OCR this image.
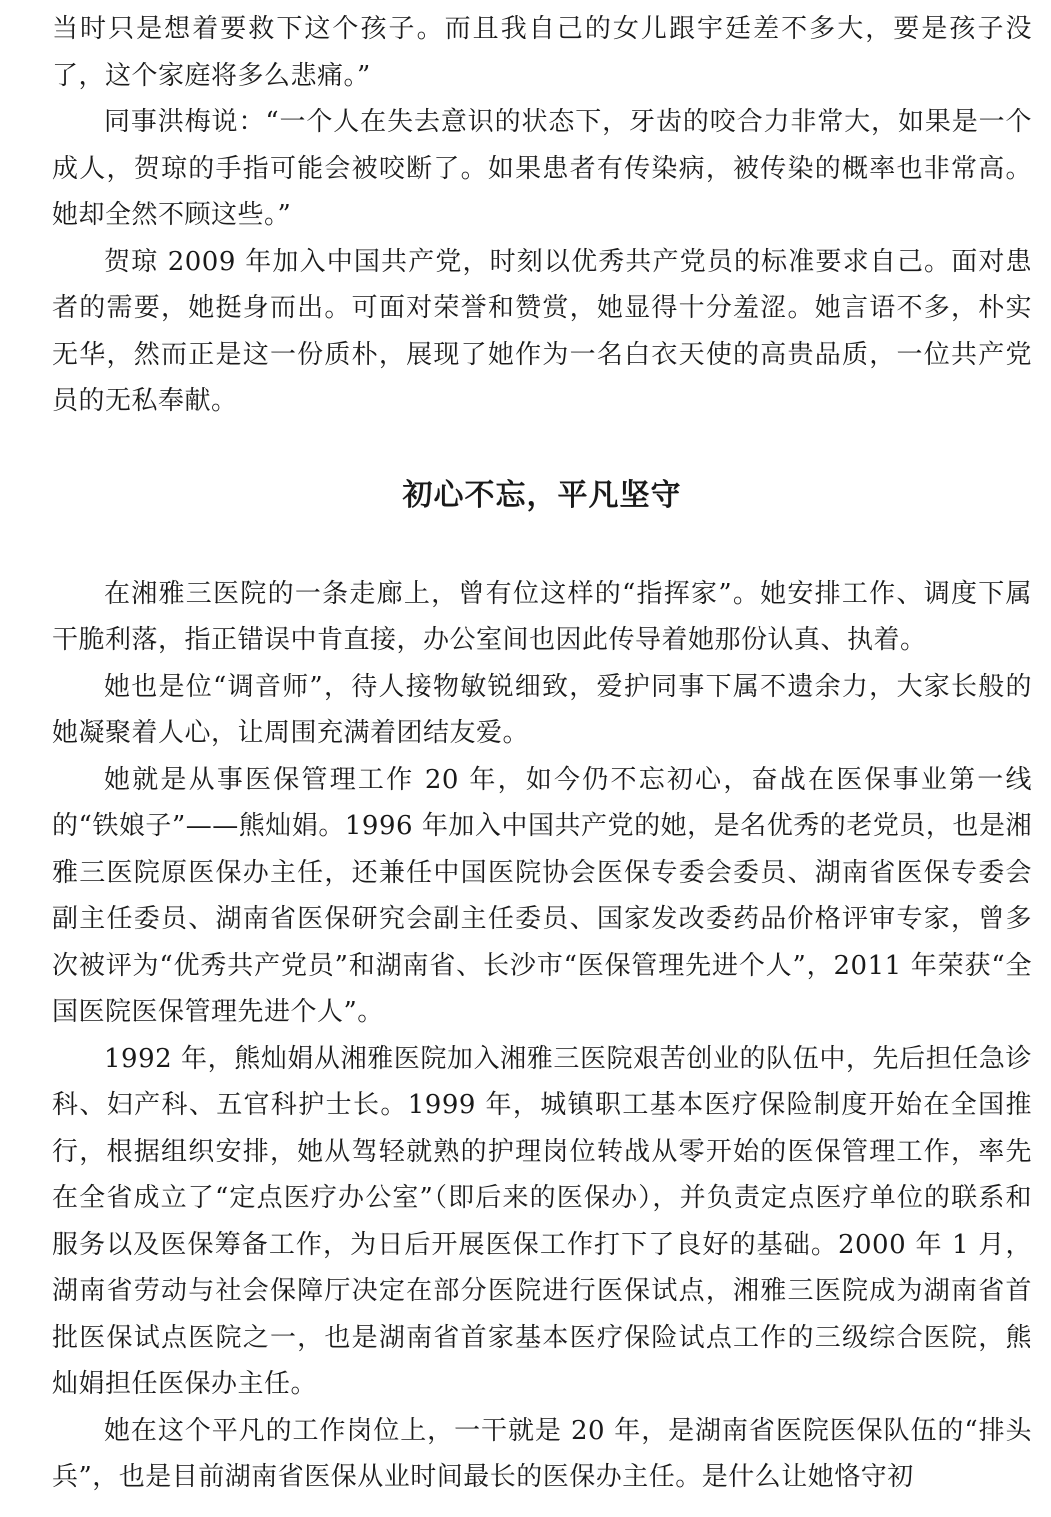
当时只是想着要救下这个孩子。而且我自己的女儿跟宇廷差不多大，要是孩子没了，这个家庭将多么悲痛。”

同事洪梅说：“一个人在失去意识的状态下，牙齿的咬合力非常大，如果是一个成人，贺琼的手指可能会被咬断了。如果患者有传染病，被传染的概率也非常高。她却全然不顾这些。”

贺琼 2009 年加入中国共产党，时刻以优秀共产党员的标准要求自己。面对患者的需要，她挺身而出。可面对荣誉和赞赏，她显得十分羞涩。她言语不多，朴实无华，然而正是这一份质朴，展现了她作为一名白衣天使的高贵品质，一位共产党员的无私奉献。

初心不忘，平凡坚守

在湘雅三医院的一条走廊上，曾有位这样的“指挥家”。她安排工作、调度下属干脆利落，指正错误中肯直接，办公室间也因此传导着她那份认真、执着。

她也是位“调音师”，待人接物敏锐细致，爱护同事下属不遗余力，大家长般的她凝聚着人心，让周围充满着团结友爱。

她就是从事医保管理工作 20 年，如今仍不忘初心，奋战在医保事业第一线的“铁娘子”——熊灿娟。1996 年加入中国共产党的她，是名优秀的老党员，也是湘雅三医院原医保办主任，还兼任中国医院协会医保专委会委员、湖南省医保专委会副主任委员、湖南省医保研究会副主任委员、国家发改委药品价格评审专家，曾多次被评为“优秀共产党员”和湖南省、长沙市“医保管理先进个人”，2011 年荣获“全国医院医保管理先进个人”。

1992 年，熊灿娟从湘雅医院加入湘雅三医院艰苦创业的队伍中，先后担任急诊科、妇产科、五官科护士长。1999 年，城镇职工基本医疗保险制度开始在全国推行，根据组织安排，她从驾轻就熟的护理岗位转战从零开始的医保管理工作，率先在全省成立了“定点医疗办公室”（即后来的医保办），并负责定点医疗单位的联系和服务以及医保筹备工作，为日后开展医保工作打下了良好的基础。2000 年 1 月，湖南省劳动与社会保障厅决定在部分医院进行医保试点，湘雅三医院成为湖南省首批医保试点医院之一，也是湖南省首家基本医疗保险试点工作的三级综合医院，熊灿娟担任医保办主任。

她在这个平凡的工作岗位上，一干就是 20 年，是湖南省医院医保队伍的“排头兵”，也是目前湖南省医保从业时间最长的医保办主任。是什么让她恪守初
